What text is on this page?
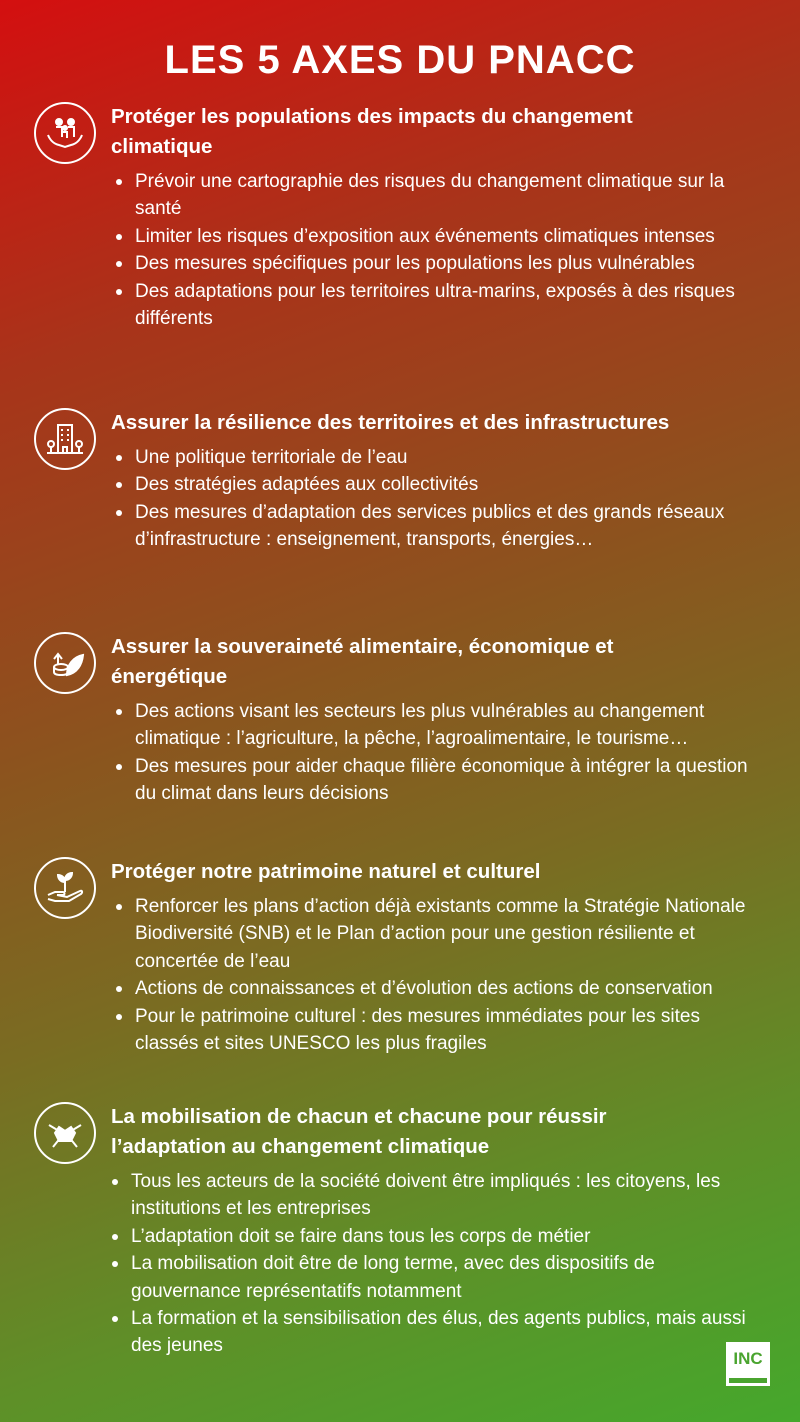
LES 5 AXES DU PNACC
Protéger les populations des impacts du changement climatique
Prévoir une cartographie des risques du changement climatique sur la santé
Limiter les risques d’exposition aux événements climatiques intenses
Des mesures spécifiques pour les populations les plus vulnérables
Des adaptations pour les territoires ultra-marins, exposés à des risques différents
Assurer la résilience des territoires et des infrastructures
Une politique territoriale de l’eau
Des stratégies adaptées aux collectivités
Des mesures d’adaptation des services publics et des grands réseaux d’infrastructure : enseignement, transports, énergies…
Assurer la souveraineté alimentaire, économique et énergétique
Des actions visant les secteurs les plus vulnérables au changement climatique : l’agriculture, la pêche, l’agroalimentaire, le tourisme…
Des mesures pour aider chaque filière économique à intégrer la question du climat dans leurs décisions
Protéger notre patrimoine naturel et culturel
Renforcer les plans d’action déjà existants comme la Stratégie Nationale Biodiversité (SNB) et le Plan d’action pour une gestion résiliente et concertée de l’eau
Actions de connaissances et d’évolution des actions de conservation
Pour le patrimoine culturel : des mesures immédiates pour les sites classés et sites UNESCO les plus fragiles
La mobilisation de chacun et chacune pour réussir l’adaptation au changement climatique
Tous les acteurs de la société doivent être impliqués : les citoyens, les institutions et les entreprises
L’adaptation doit se faire dans tous les corps de métier
La mobilisation doit être de long terme, avec des dispositifs de gouvernance représentatifs notamment
La formation et la sensibilisation des élus, des agents publics, mais aussi des jeunes
INC
